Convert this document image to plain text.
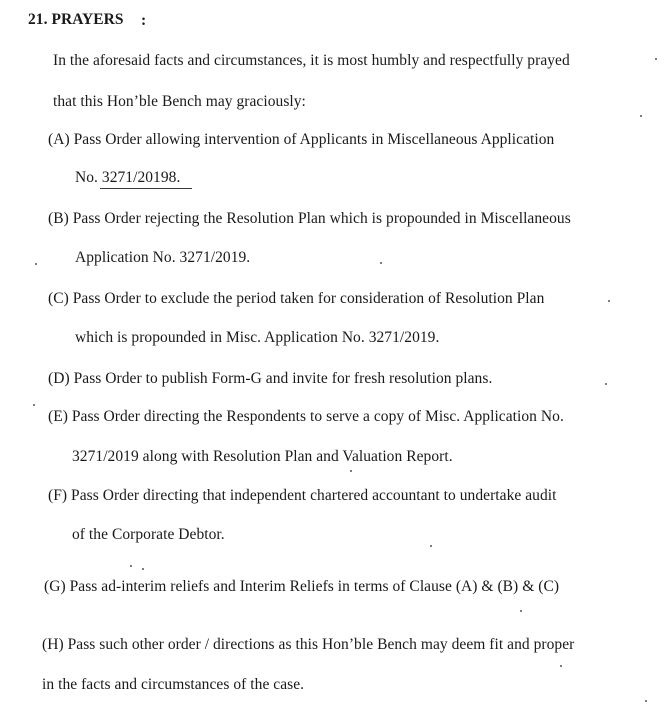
21. PRAYERS :
In the aforesaid facts and circumstances, it is most humbly and respectfully prayed
that this Hon’ble Bench may graciously:
(A) Pass Order allowing intervention of Applicants in Miscellaneous Application
No. 3271/20198.
(B) Pass Order rejecting the Resolution Plan which is propounded in Miscellaneous
Application No. 3271/2019.
(C) Pass Order to exclude the period taken for consideration of Resolution Plan
which is propounded in Misc. Application No. 3271/2019.
(D) Pass Order to publish Form-G and invite for fresh resolution plans.
(E) Pass Order directing the Respondents to serve a copy of Misc. Application No.
3271/2019 along with Resolution Plan and Valuation Report.
(F) Pass Order directing that independent chartered accountant to undertake audit
of the Corporate Debtor.
(G) Pass ad-interim reliefs and Interim Reliefs in terms of Clause (A) & (B) & (C)
(H) Pass such other order / directions as this Hon’ble Bench may deem fit and proper
in the facts and circumstances of the case.
